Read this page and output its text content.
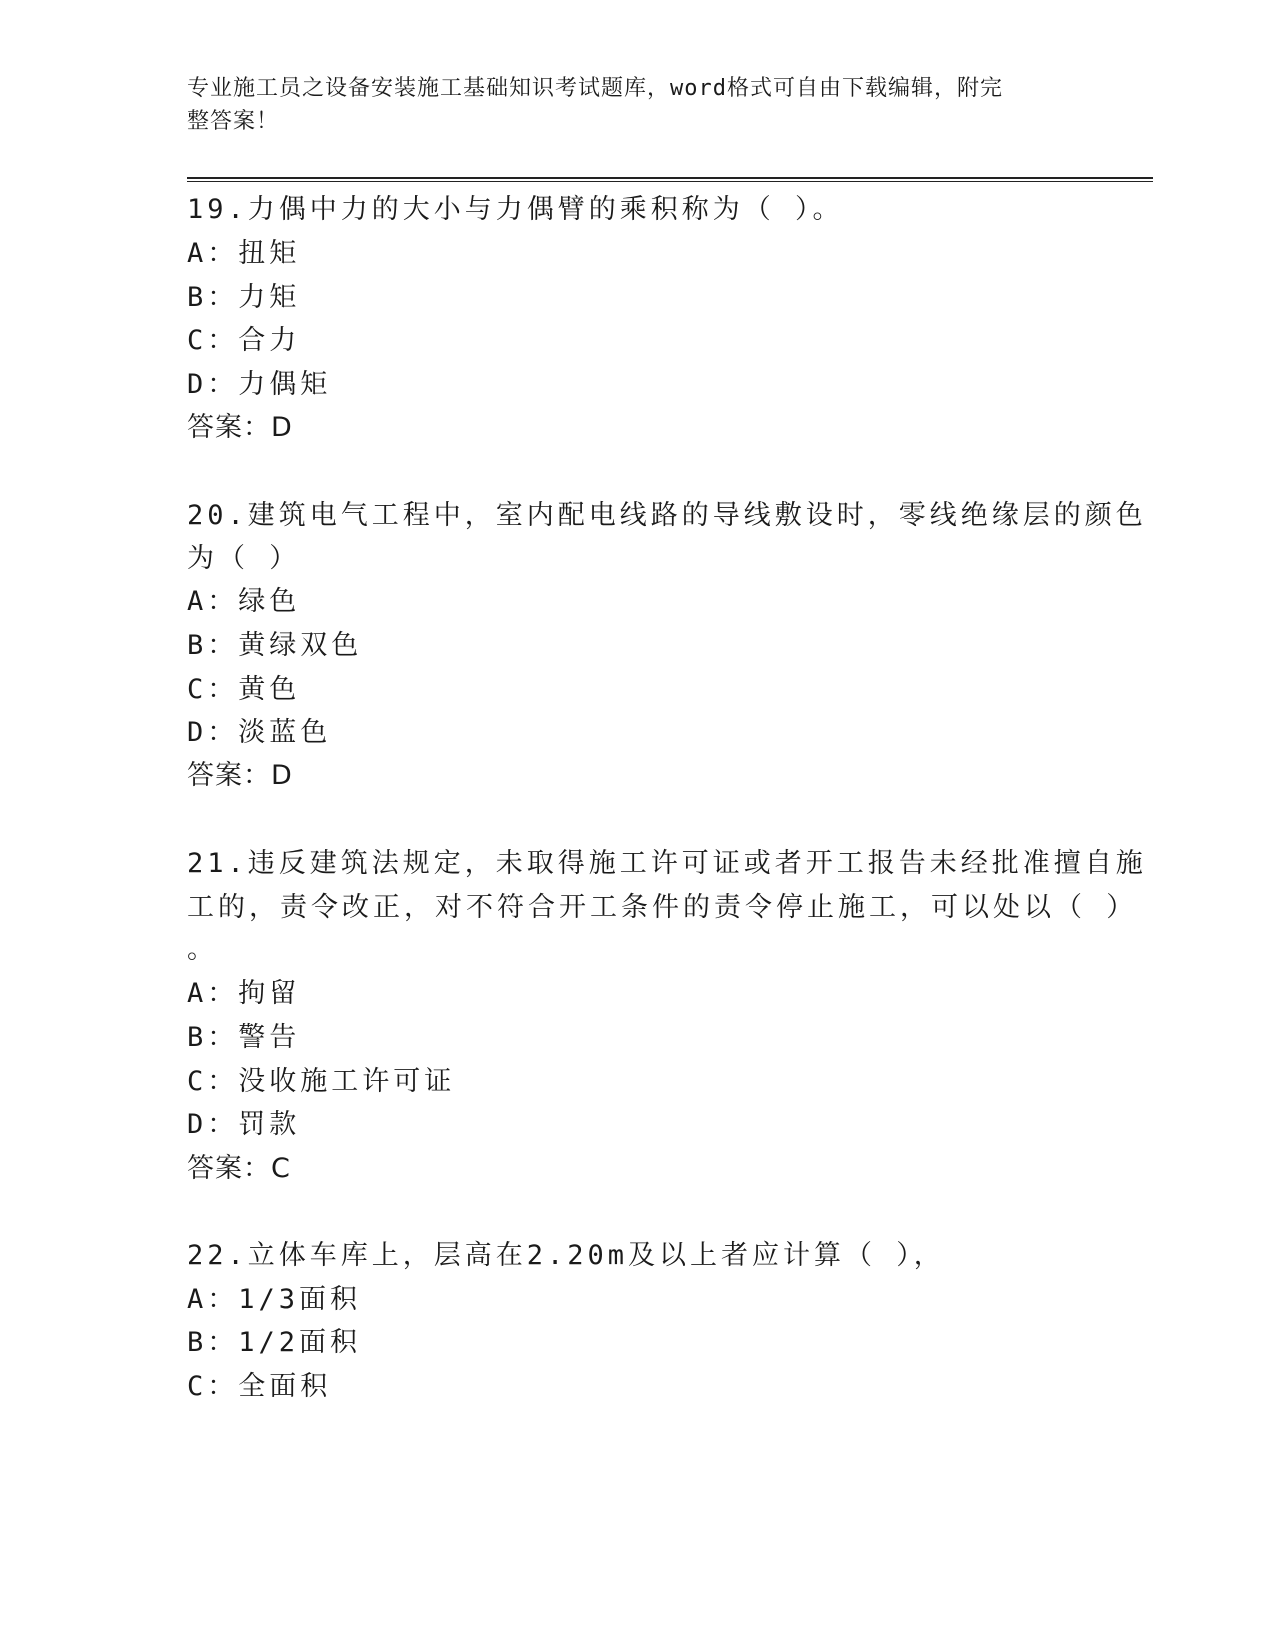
专业施工员之设备安装施工基础知识考试题库，word格式可自由下载编辑，附完
整答案！
19.力偶中力的大小与力偶臂的乘积称为（ ）。
A：扭矩
B：力矩
C：合力
D：力偶矩
答案：D
20.建筑电气工程中，室内配电线路的导线敷设时，零线绝缘层的颜色
为（ ）
A：绿色
B：黄绿双色
C：黄色
D：淡蓝色
答案：D
21.违反建筑法规定，未取得施工许可证或者开工报告未经批准擅自施
工的，责令改正，对不符合开工条件的责令停止施工，可以处以（ ）
。
A：拘留
B：警告
C：没收施工许可证
D：罚款
答案：C
22.立体车库上，层高在2.20m及以上者应计算（ ），
A：1/3面积
B：1/2面积
C：全面积
